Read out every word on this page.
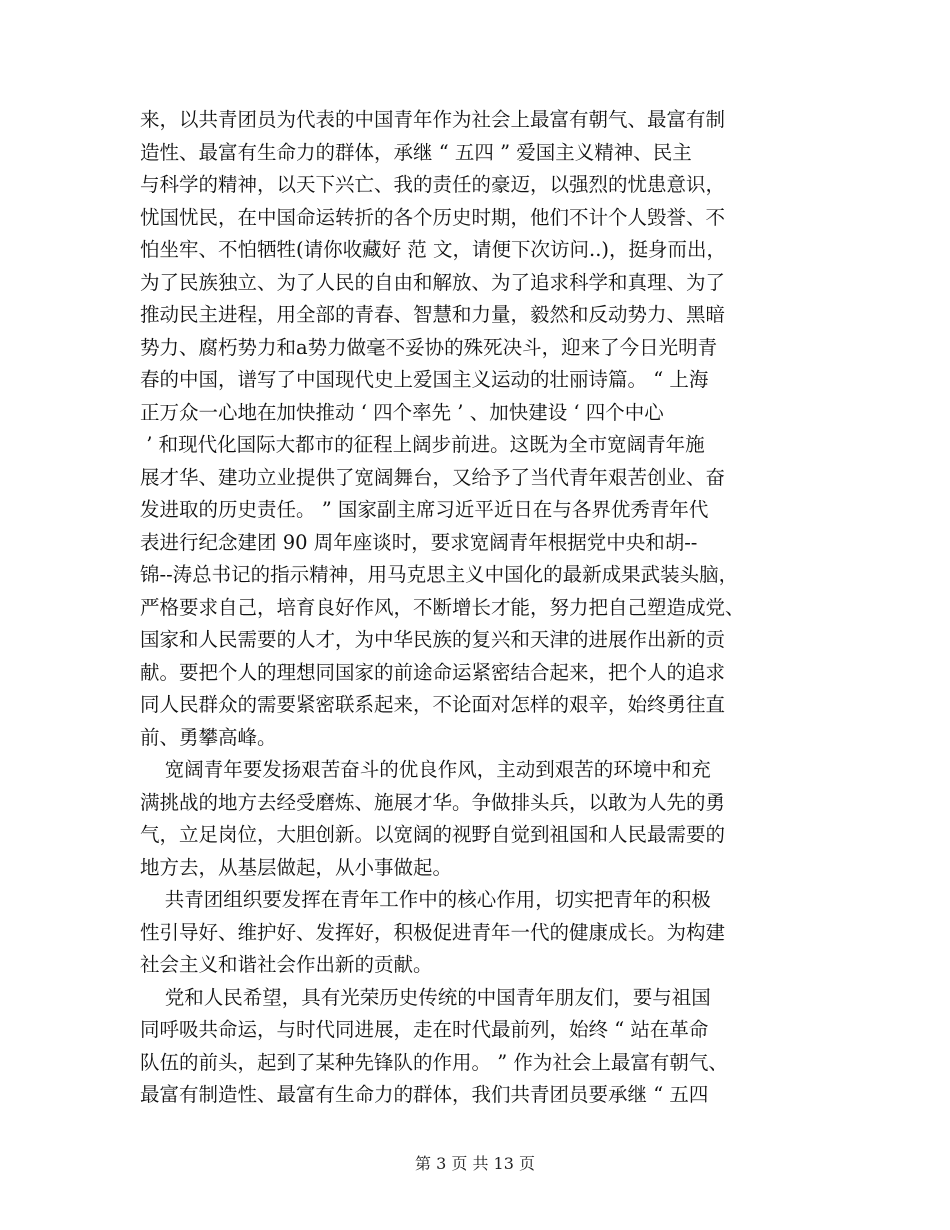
来，以共青团员为代表的中国青年作为社会上最富有朝气、最富有制
造性、最富有生命力的群体，承继 “ 五四 ” 爱国主义精神、民主
与科学的精神，以天下兴亡、我的责任的豪迈，以强烈的忧患意识，
忧国忧民，在中国命运转折的各个历史时期，他们不计个人毁誉、不
怕坐牢、不怕牺牲(请你收藏好 范 文，请便下次访问..)，挺身而出，
为了民族独立、为了人民的自由和解放、为了追求科学和真理、为了
推动民主进程，用全部的青春、智慧和力量，毅然和反动势力、黑暗
势力、腐朽势力和a势力做毫不妥协的殊死决斗，迎来了今日光明青
春的中国，谱写了中国现代史上爱国主义运动的壮丽诗篇。 “ 上海
正万众一心地在加快推动 ‘ 四个率先 ’ 、加快建设 ‘ 四个中心
’ 和现代化国际大都市的征程上阔步前进。这既为全市宽阔青年施
展才华、建功立业提供了宽阔舞台，又给予了当代青年艰苦创业、奋
发进取的历史责任。 ” 国家副主席习近平近日在与各界优秀青年代
表进行纪念建团 90 周年座谈时，要求宽阔青年根据党中央和胡--
锦--涛总书记的指示精神，用马克思主义中国化的最新成果武装头脑，
严格要求自己，培育良好作风，不断增长才能，努力把自己塑造成党、
国家和人民需要的人才，为中华民族的复兴和天津的进展作出新的贡
献。要把个人的理想同国家的前途命运紧密结合起来，把个人的追求
同人民群众的需要紧密联系起来，不论面对怎样的艰辛，始终勇往直
前、勇攀高峰。
宽阔青年要发扬艰苦奋斗的优良作风，主动到艰苦的环境中和充
满挑战的地方去经受磨炼、施展才华。争做排头兵，以敢为人先的勇
气，立足岗位，大胆创新。以宽阔的视野自觉到祖国和人民最需要的
地方去，从基层做起，从小事做起。
共青团组织要发挥在青年工作中的核心作用，切实把青年的积极
性引导好、维护好、发挥好，积极促进青年一代的健康成长。为构建
社会主义和谐社会作出新的贡献。
党和人民希望，具有光荣历史传统的中国青年朋友们，要与祖国
同呼吸共命运，与时代同进展，走在时代最前列，始终 “ 站在革命
队伍的前头，起到了某种先锋队的作用。 ” 作为社会上最富有朝气、
最富有制造性、最富有生命力的群体，我们共青团员要承继 “ 五四
第 3 页 共 13 页
